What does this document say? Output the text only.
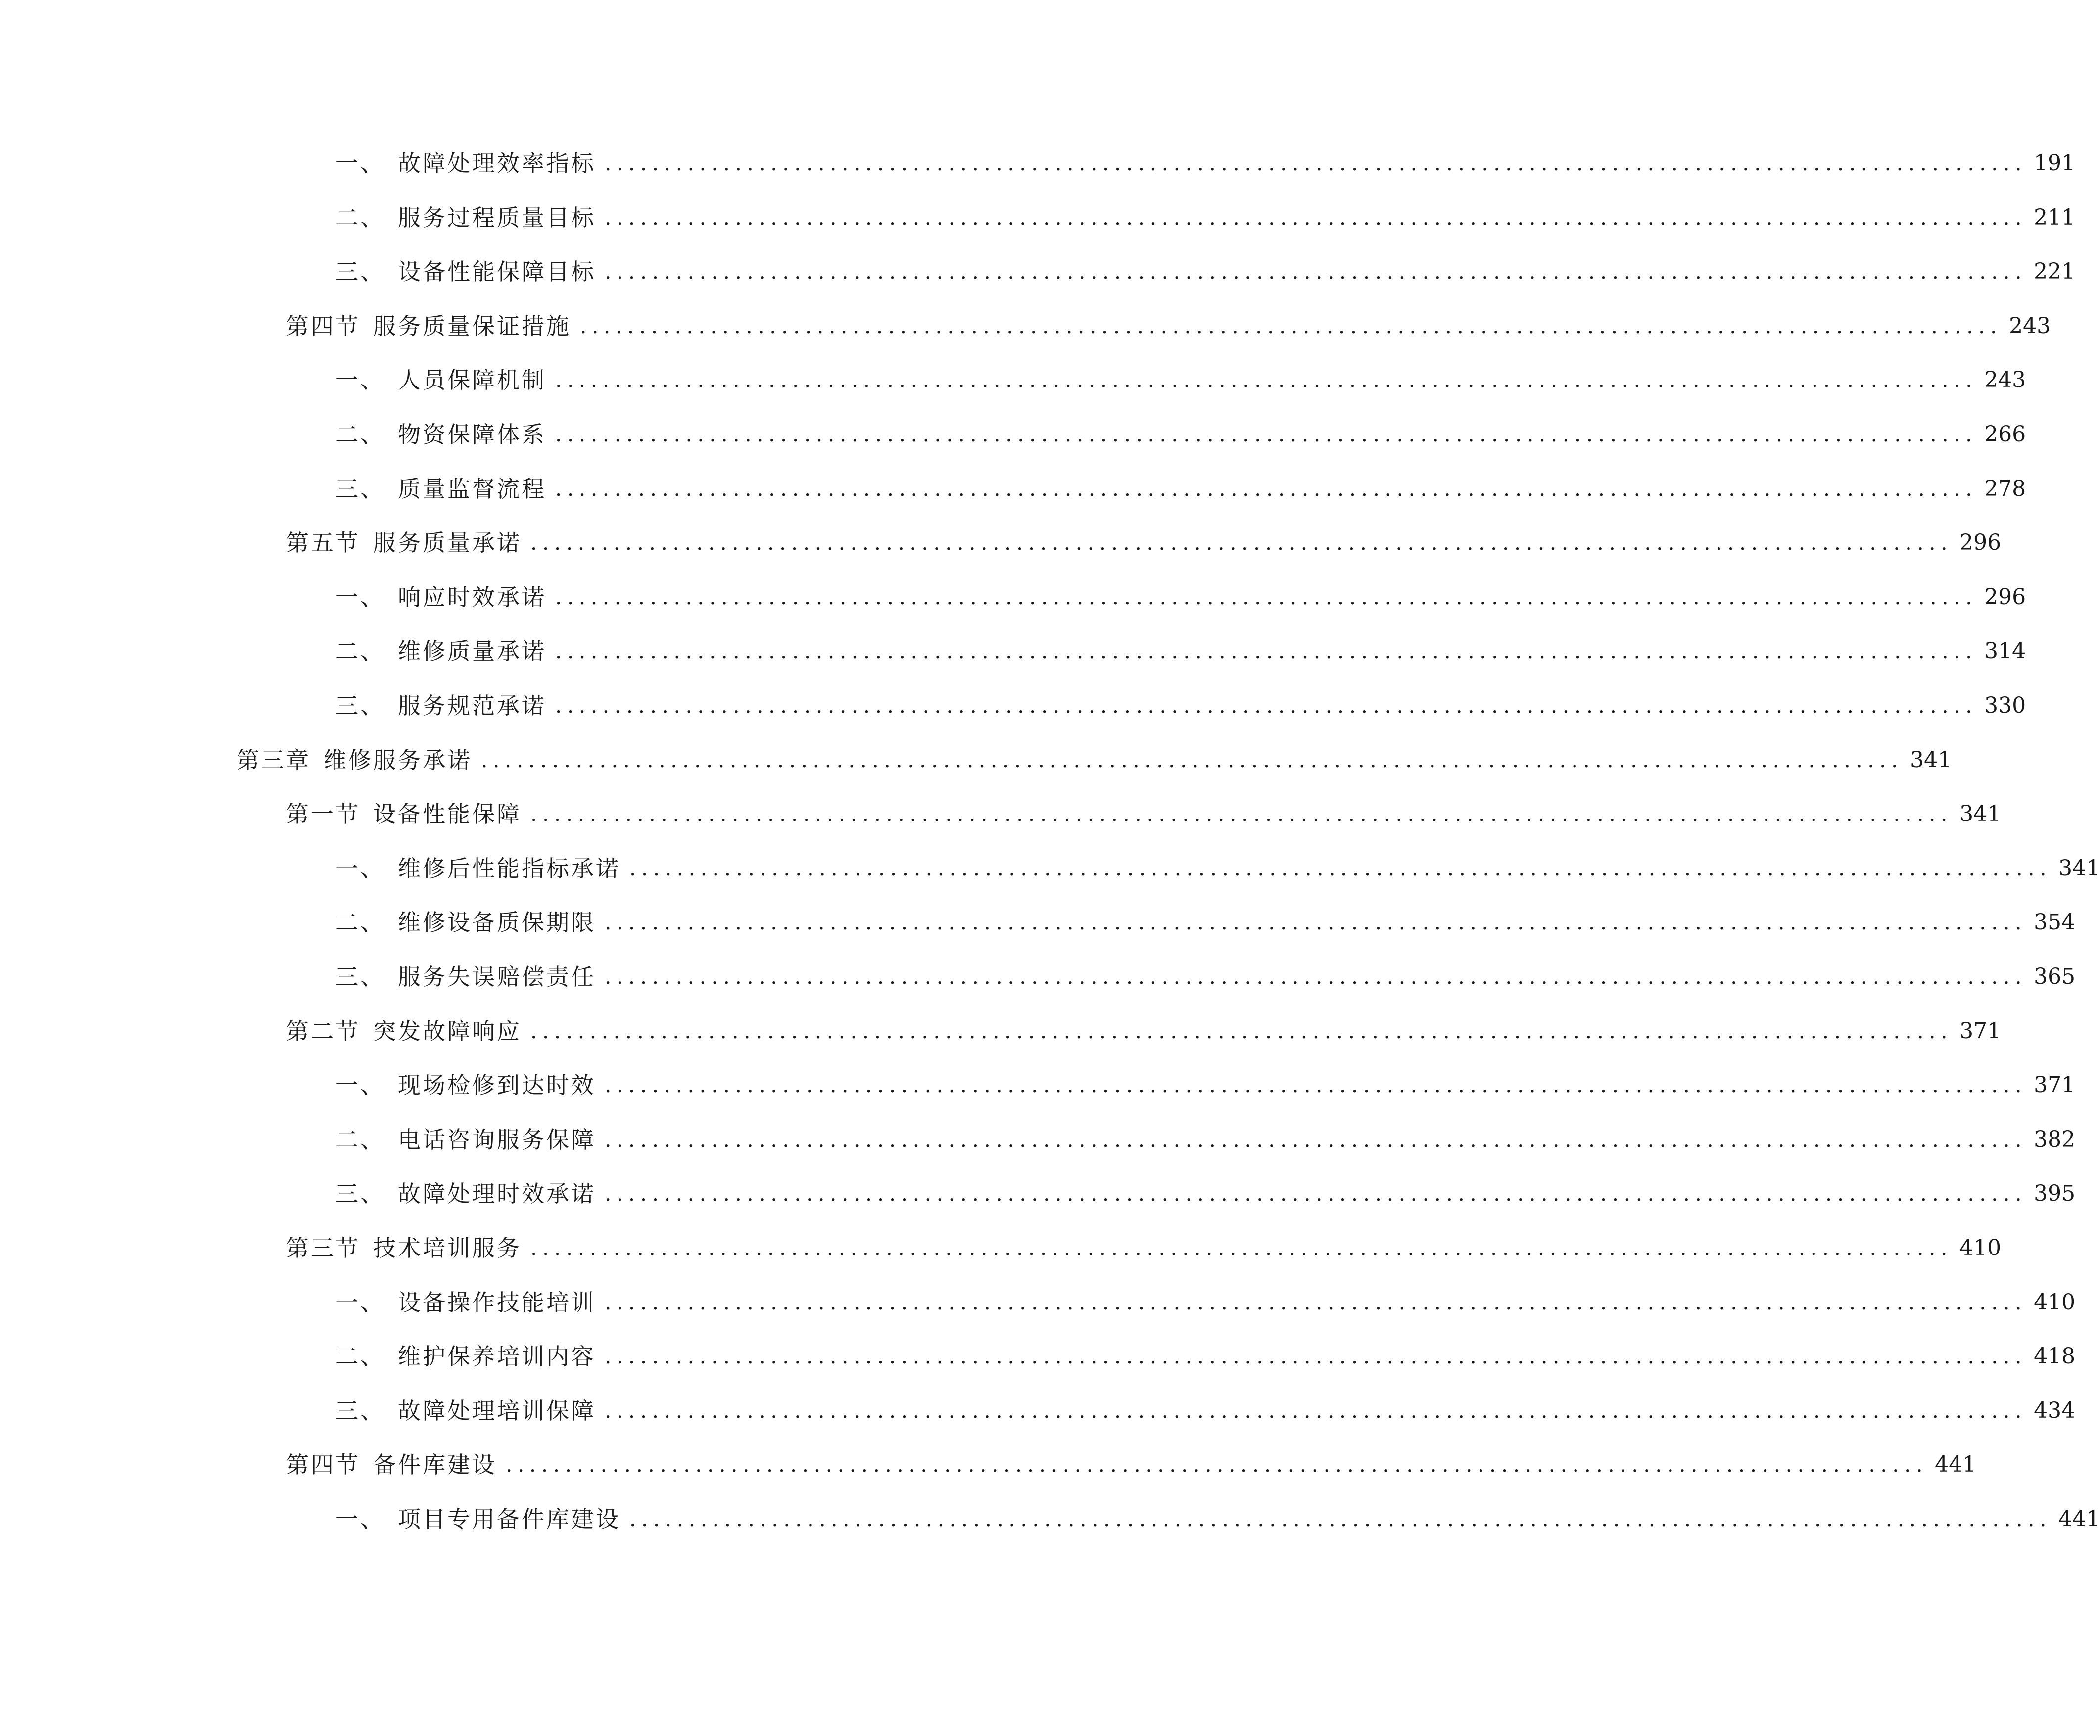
一、 故障处理效率指标 ........................................................................................................................ 191
二、 服务过程质量目标 ........................................................................................................................ 211
三、 设备性能保障目标 ........................................................................................................................ 221
第四节 服务质量保证措施 ........................................................................................................................ 243
一、 人员保障机制 ........................................................................................................................ 243
二、 物资保障体系 ........................................................................................................................ 266
三、 质量监督流程 ........................................................................................................................ 278
第五节 服务质量承诺 ........................................................................................................................ 296
一、 响应时效承诺 ........................................................................................................................ 296
二、 维修质量承诺 ........................................................................................................................ 314
三、 服务规范承诺 ........................................................................................................................ 330
第三章 维修服务承诺 ........................................................................................................................ 341
第一节 设备性能保障 ........................................................................................................................ 341
一、 维修后性能指标承诺 ........................................................................................................................ 341
二、 维修设备质保期限 ........................................................................................................................ 354
三、 服务失误赔偿责任 ........................................................................................................................ 365
第二节 突发故障响应 ........................................................................................................................ 371
一、 现场检修到达时效 ........................................................................................................................ 371
二、 电话咨询服务保障 ........................................................................................................................ 382
三、 故障处理时效承诺 ........................................................................................................................ 395
第三节 技术培训服务 ........................................................................................................................ 410
一、 设备操作技能培训 ........................................................................................................................ 410
二、 维护保养培训内容 ........................................................................................................................ 418
三、 故障处理培训保障 ........................................................................................................................ 434
第四节 备件库建设 ........................................................................................................................ 441
一、 项目专用备件库建设 ........................................................................................................................ 441
